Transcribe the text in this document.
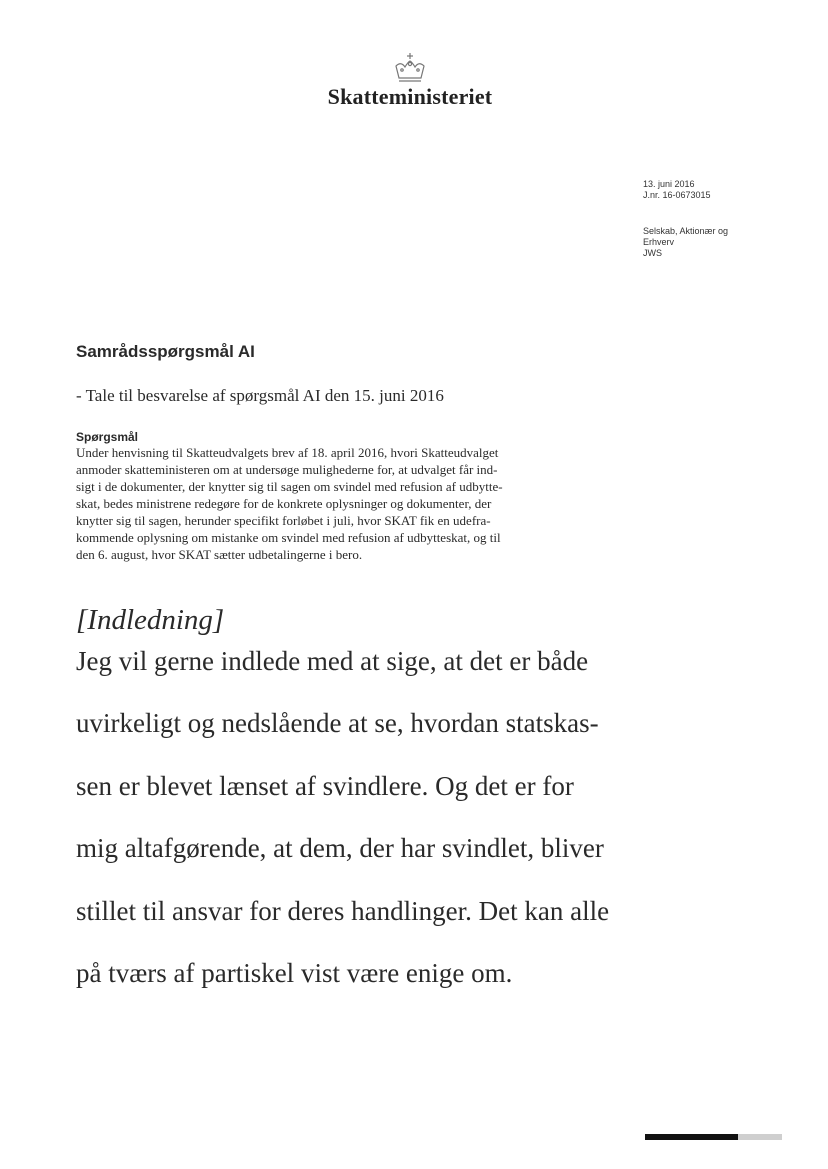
Skatteministeriet
13. juni 2016
J.nr. 16-0673015
Selskab, Aktionær og
Erhverv
JWS
Samrådsspørgsmål AI
- Tale til besvarelse af spørgsmål AI den 15. juni 2016
Spørgsmål
Under henvisning til Skatteudvalgets brev af 18. april 2016, hvori Skatteudvalget
anmoder skatteministeren om at undersøge mulighederne for, at udvalget får ind-
sigt i de dokumenter, der knytter sig til sagen om svindel med refusion af udbytte-
skat, bedes ministrene redegøre for de konkrete oplysninger og dokumenter, der
knytter sig til sagen, herunder specifikt forløbet i juli, hvor SKAT fik en udefra-
kommende oplysning om mistanke om svindel med refusion af udbytteskat, og til
den 6. august, hvor SKAT sætter udbetalingerne i bero.
[Indledning]
Jeg vil gerne indlede med at sige, at det er både
uvirkeligt og nedslående at se, hvordan statskas-
sen er blevet lænset af svindlere. Og det er for
mig altafgørende, at dem, der har svindlet, bliver
stillet til ansvar for deres handlinger. Det kan alle
på tværs af partiskel vist være enige om.
